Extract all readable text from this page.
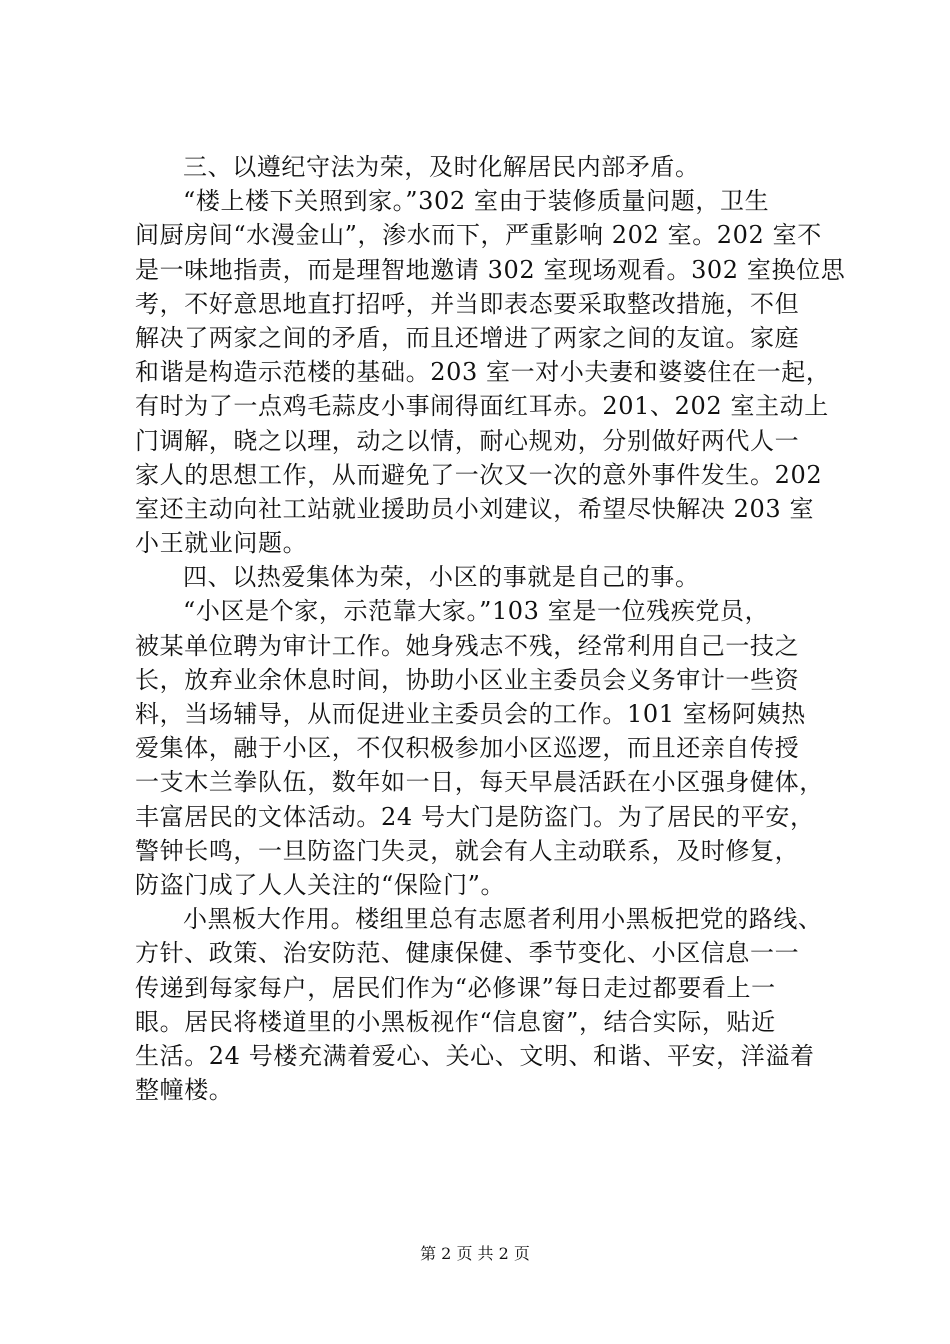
三、以遵纪守法为荣，及时化解居民内部矛盾。
“楼上楼下关照到家。”302 室由于装修质量问题，卫生
间厨房间“水漫金山”，渗水而下，严重影响 202 室。202 室不
是一味地指责，而是理智地邀请 302 室现场观看。302 室换位思
考，不好意思地直打招呼，并当即表态要采取整改措施，不但
解决了两家之间的矛盾，而且还增进了两家之间的友谊。家庭
和谐是构造示范楼的基础。203 室一对小夫妻和婆婆住在一起，
有时为了一点鸡毛蒜皮小事闹得面红耳赤。201、202 室主动上
门调解，晓之以理，动之以情，耐心规劝，分别做好两代人一
家人的思想工作，从而避免了一次又一次的意外事件发生。202
室还主动向社工站就业援助员小刘建议，希望尽快解决 203 室
小王就业问题。
四、以热爱集体为荣，小区的事就是自己的事。
“小区是个家，示范靠大家。”103 室是一位残疾党员，
被某单位聘为审计工作。她身残志不残，经常利用自己一技之
长，放弃业余休息时间，协助小区业主委员会义务审计一些资
料，当场辅导，从而促进业主委员会的工作。101 室杨阿姨热
爱集体，融于小区，不仅积极参加小区巡逻，而且还亲自传授
一支木兰拳队伍，数年如一日，每天早晨活跃在小区强身健体，
丰富居民的文体活动。24 号大门是防盗门。为了居民的平安，
警钟长鸣，一旦防盗门失灵，就会有人主动联系，及时修复，
防盗门成了人人关注的“保险门”。
小黑板大作用。楼组里总有志愿者利用小黑板把党的路线、
方针、政策、治安防范、健康保健、季节变化、小区信息一一
传递到每家每户，居民们作为“必修课”每日走过都要看上一
眼。居民将楼道里的小黑板视作“信息窗”，结合实际，贴近
生活。24 号楼充满着爱心、关心、文明、和谐、平安，洋溢着
整幢楼。
第 2 页 共 2 页
